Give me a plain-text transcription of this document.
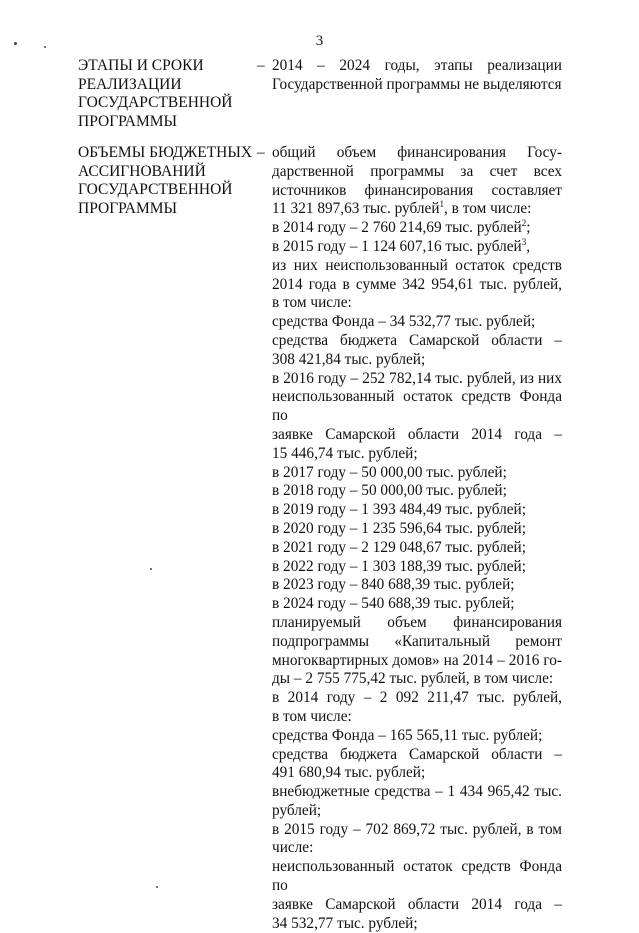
3
ЭТАПЫ И СРОКИ
РЕАЛИЗАЦИИ
ГОСУДАРСТВЕННОЙ
ПРОГРАММЫ
– 2014 – 2024 годы, этапы реализации

Государственной программы не выделяются

ОБЪЕМЫ БЮДЖЕТНЫХ
АССИГНОВАНИЙ
ГОСУДАРСТВЕННОЙ
ПРОГРАММЫ
– общий объем финансирования Госу-

дарственной программы за счет всех

источников финансирования составляет

11 321 897,63 тыс. рублей$^1$, в том числе:

в 2014 году – 2 760 214,69 тыс. рублей$^2$;

в 2015 году – 1 124 607,16 тыс. рублей$^3$,

из них неиспользованный остаток средств

2014 года в сумме 342 954,61 тыс. рублей,

в том числе:

средства Фонда – 34 532,77 тыс. рублей;

средства бюджета Самарской области –

308 421,84 тыс. рублей;

в 2016 году – 252 782,14 тыс. рублей, из них

неиспользованный остаток средств Фонда по

заявке Самарской области 2014 года –

15 446,74 тыс. рублей;

в 2017 году – 50 000,00 тыс. рублей;

в 2018 году – 50 000,00 тыс. рублей;

в 2019 году – 1 393 484,49 тыс. рублей;

в 2020 году – 1 235 596,64 тыс. рублей;

в 2021 году – 2 129 048,67 тыс. рублей;

в 2022 году – 1 303 188,39 тыс. рублей;

в 2023 году – 840 688,39 тыс. рублей;

в 2024 году – 540 688,39 тыс. рублей;

планируемый объем финансирования

подпрограммы «Капитальный ремонт

многоквартирных домов» на 2014 – 2016 го-

ды – 2 755 775,42 тыс. рублей, в том числе:

в 2014 году – 2 092 211,47 тыс. рублей,

в том числе:

средства Фонда – 165 565,11 тыс. рублей;

средства бюджета Самарской области –

491 680,94 тыс. рублей;

внебюджетные средства – 1 434 965,42 тыс.

рублей;

в 2015 году – 702 869,72 тыс. рублей, в том

числе:

неиспользованный остаток средств Фонда по

заявке Самарской области 2014 года –

34 532,77 тыс. рублей;
